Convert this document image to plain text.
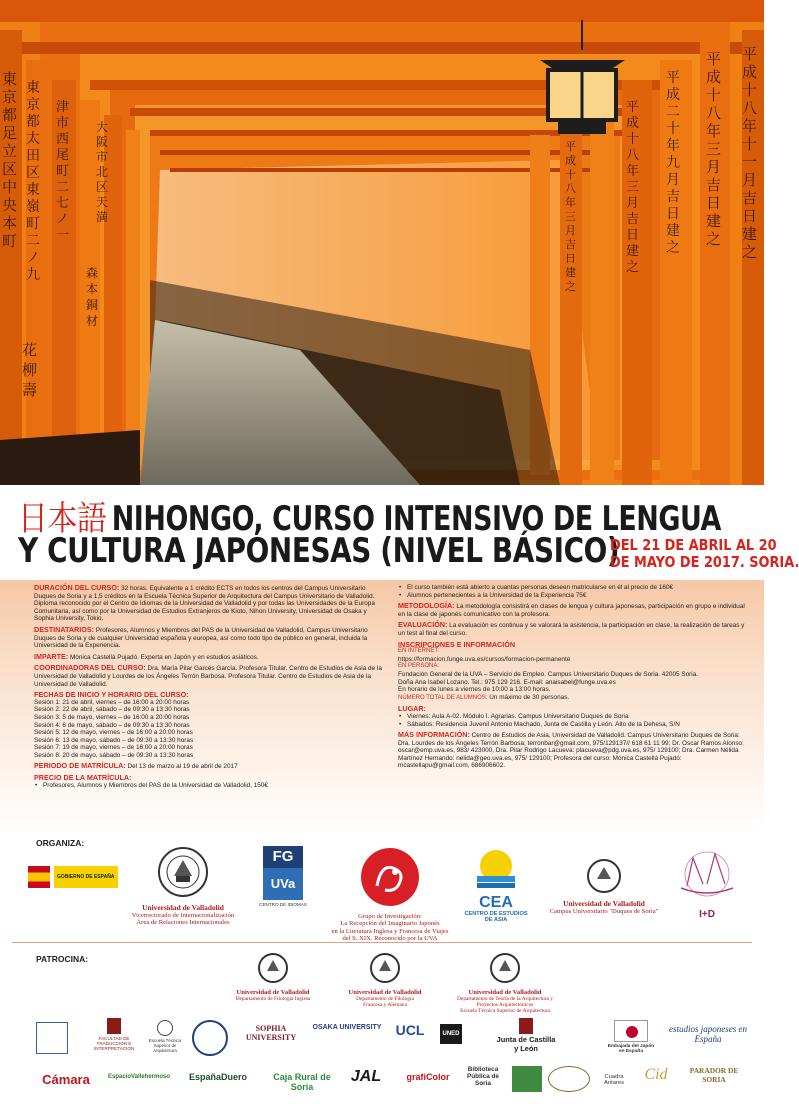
東京都足立区中央本町
東京都太田区東嶺町二ノ九
津市西尾町二七ノ一
大阪市北区天満
森本銅材
花柳壽
平成十八年十一月吉日建之
平成十八年三月吉日建之
平成二十年九月吉日建之
平成十八年三月吉日建之
平成十八年三月吉日建之
日本語 NIHONGO, CURSO INTENSIVO DE LENGUA
Y CULTURA JAPONESAS (NIVEL BÁSICO)
DEL 21 DE ABRIL AL 20
DE MAYO DE 2017. SORIA.
DURACIÓN DEL CURSO: 32 horas. Equivalente a 1 crédito ECTS en todos los centros del Campus Universitario Duques de Soria y a 1,5 créditos en la Escuela Técnica Superior de Arquitectura del Campus Universitario de Valladolid. Diploma reconocido por el Centro de Idiomas de la Universidad de Valladolid y por todas las Universidades de la Europa Comunitaria, así como por la Universidad de Estudios Extranjeros de Kioto, Nihon University, Universidad de Osaka y Sophia University, Tokio.
DESTINATARIOS: Profesores, Alumnos y Miembros del PAS de la Universidad de Valladolid, Campus Universitario Duques de Soria y de cualquier Universidad española y europea, así como todo tipo de público en general, incluida la Universidad de la Experiencia.
IMPARTE: Mónica Castellá Pujadó. Experta en Japón y en estudios asiáticos.
COORDINADORAS DEL CURSO: Dra. María Pilar Garcés García. Profesora Titular. Centro de Estudios de Asia de la Universidad de Valladolid y Lourdes de los Ángeles Terrón Barbosa. Profesora Titular. Centro de Estudios de Asia de la Universidad de Valladolid.
FECHAS DE INICIO Y HORARIO DEL CURSO:
Sesión 1: 21 de abril, viernes – de 16:00 a 20:00 horas
Sesión 2: 22 de abril, sábado – de 09:30 a 13:30 horas
Sesión 3: 5 de mayo, viernes – de 16:00 a 20:00 horas
Sesión 4: 6 de mayo, sábado – de 09:30 a 13:30 horas
Sesión 5: 12 de mayo, viernes – de 16:00 a 20:00 horas
Sesión 6: 13 de mayo, sábado – de 09:30 a 13:30 horas
Sesión 7: 19 de mayo, viernes – de 16:00 a 20:00 horas
Sesión 8: 20 de mayo, sábado – de 09:30 a 13:30 horas
PERIODO DE MATRÍCULA: Del 13 de marzo al 19 de abril de 2017
PRECIO DE LA MATRÍCULA:
• Profesores, Alumnos y Miembros del PAS de la Universidad de Valladolid, 150€
• El curso también está abierto a cuantas personas deseen matricularse en él al precio de 160€
• Alumnos pertenecientes a la Universidad de la Experiencia 75€
METODOLOGÍA: La metodología consistirá en clases de lengua y cultura japonesas, participación en grupo e individual en la clase de japonés comunicativo con la profesora.
EVALUACIÓN: La evaluación es continua y se valorará la asistencia, la participación en clase, la realización de tareas y un test al final del curso.
INSCRIPCIONES E INFORMACIÓN
EN INTERNET:
https://formacion.funge.uva.es/cursos/formacion-permanente
EN PERSONA:
Fundación General de la UVA – Servicio de Empleo. Campus Universitario Duques de Soria. 42005 Soria.
Doña Ana Isabel Lozano. Tel.: 975 129 216. E-mail: anaisabel@funge.uva.es
En horario de lunes a viernes de 10:00 a 13:00 horas.
NÚMERO TOTAL DE ALUMNOS: Un máximo de 30 personas.
LUGAR:
• Viernes: Aula A-02. Módulo I. Agrarias. Campus Universitario Duques de Soria
• Sábados: Residencia Juvenil Antonio Machado, Junta de Castilla y León. Alto de la Dehesa, S/N
MÁS INFORMACIÓN: Centro de Estudios de Asia, Universidad de Valladolid. Campus Universitario Duques de Soria: Dra. Lourdes de los Ángeles Terrón Barbosa; terronbar@gmail.com, 975/129137// 618 61 11 99; Dr. Oscar Ramos Alonso: oscar@emp.uva.es, 983/ 423000, Dra. Pilar Rodrigo Lacueva: placueva@pdg.uva.es, 975/ 129100; Dra. Carmen Nélida Martínez Hernando: nelida@geo.uva.es, 975/ 129100; Profesora del curso: Mónica Castellá Pujadó: mcastellapu@gmail.com, 686906602.
ORGANIZA:
GOBIERNO DE ESPAÑA
Universidad de Valladolid
Vicerrectorado de Internacionalización
Área de Relaciones Internacionales
FG
UVa
CENTRO DE IDIOMAS
Grupo de Investigación:
La Recepción del Imaginario Japonés
en la Literatura Inglesa y Francesa de Viajes
del S. XIX. Reconocido por la UVA
CEA
CENTRO DE ESTUDIOS
DE ASIA
Universidad de Valladolid
Campus Universitario "Duques de Soria"	I+D
PATROCINA:
Universidad de Valladolid
Departamento de Filología Inglesa
Universidad de Valladolid
Departamento de Filología
Francesa y Alemana
Universidad de Valladolid
Departamento de Teoría de la Arquitectura y
Proyectos Arquitectónicos
Escuela Técnica Superior de Arquitectura
FACULTAD DE TRADUCCIÓN E INTERPRETACIÓN
Escuela Técnica Superior de Arquitectura
SOPHIA UNIVERSITY
OSAKA UNIVERSITY	UCL	UNED
Junta de Castilla y León	Embajada del Japón en España
estudios japoneses en España
Cámara	EspacioVallehermoso	EspañaDuero	Caja Rural de Soria
JAL	grafiColor
Biblioteca Pública de Soria
Cuadra Antares	Cid	PARADOR DE SORIA
